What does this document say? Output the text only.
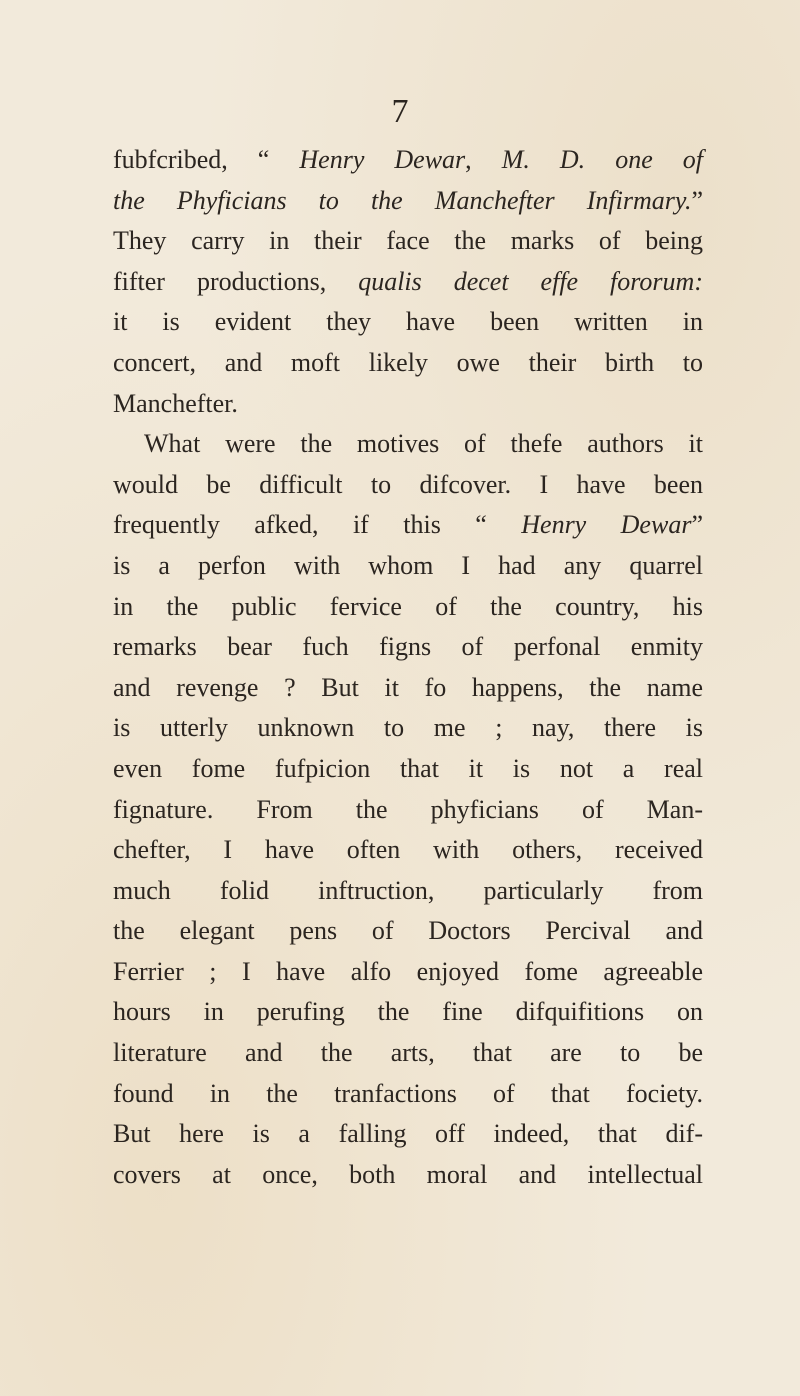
7
fubfcribed, “ Henry Dewar, M. D. one of
the Phyficians to the Manchefter Infirmary.”
They carry in their face the marks of being
fifter productions, qualis decet effe fororum:
it is evident they have been written in
concert, and moft likely owe their birth to
Manchefter.
What were the motives of thefe authors it
would be difficult to difcover. I have been
frequently afked, if this “ Henry Dewar”
is a perfon with whom I had any quarrel
in the public fervice of the country, his
remarks bear fuch figns of perfonal enmity
and revenge ? But it fo happens, the name
is utterly unknown to me ; nay, there is
even fome fufpicion that it is not a real
fignature. From the phyficians of Man-
chefter, I have often with others, received
much folid inftruction, particularly from
the elegant pens of Doctors Percival and
Ferrier ; I have alfo enjoyed fome agreeable
hours in perufing the fine difquifitions on
literature and the arts, that are to be
found in the tranfactions of that fociety.
But here is a falling off indeed, that dif-
covers at once, both moral and intellectual
